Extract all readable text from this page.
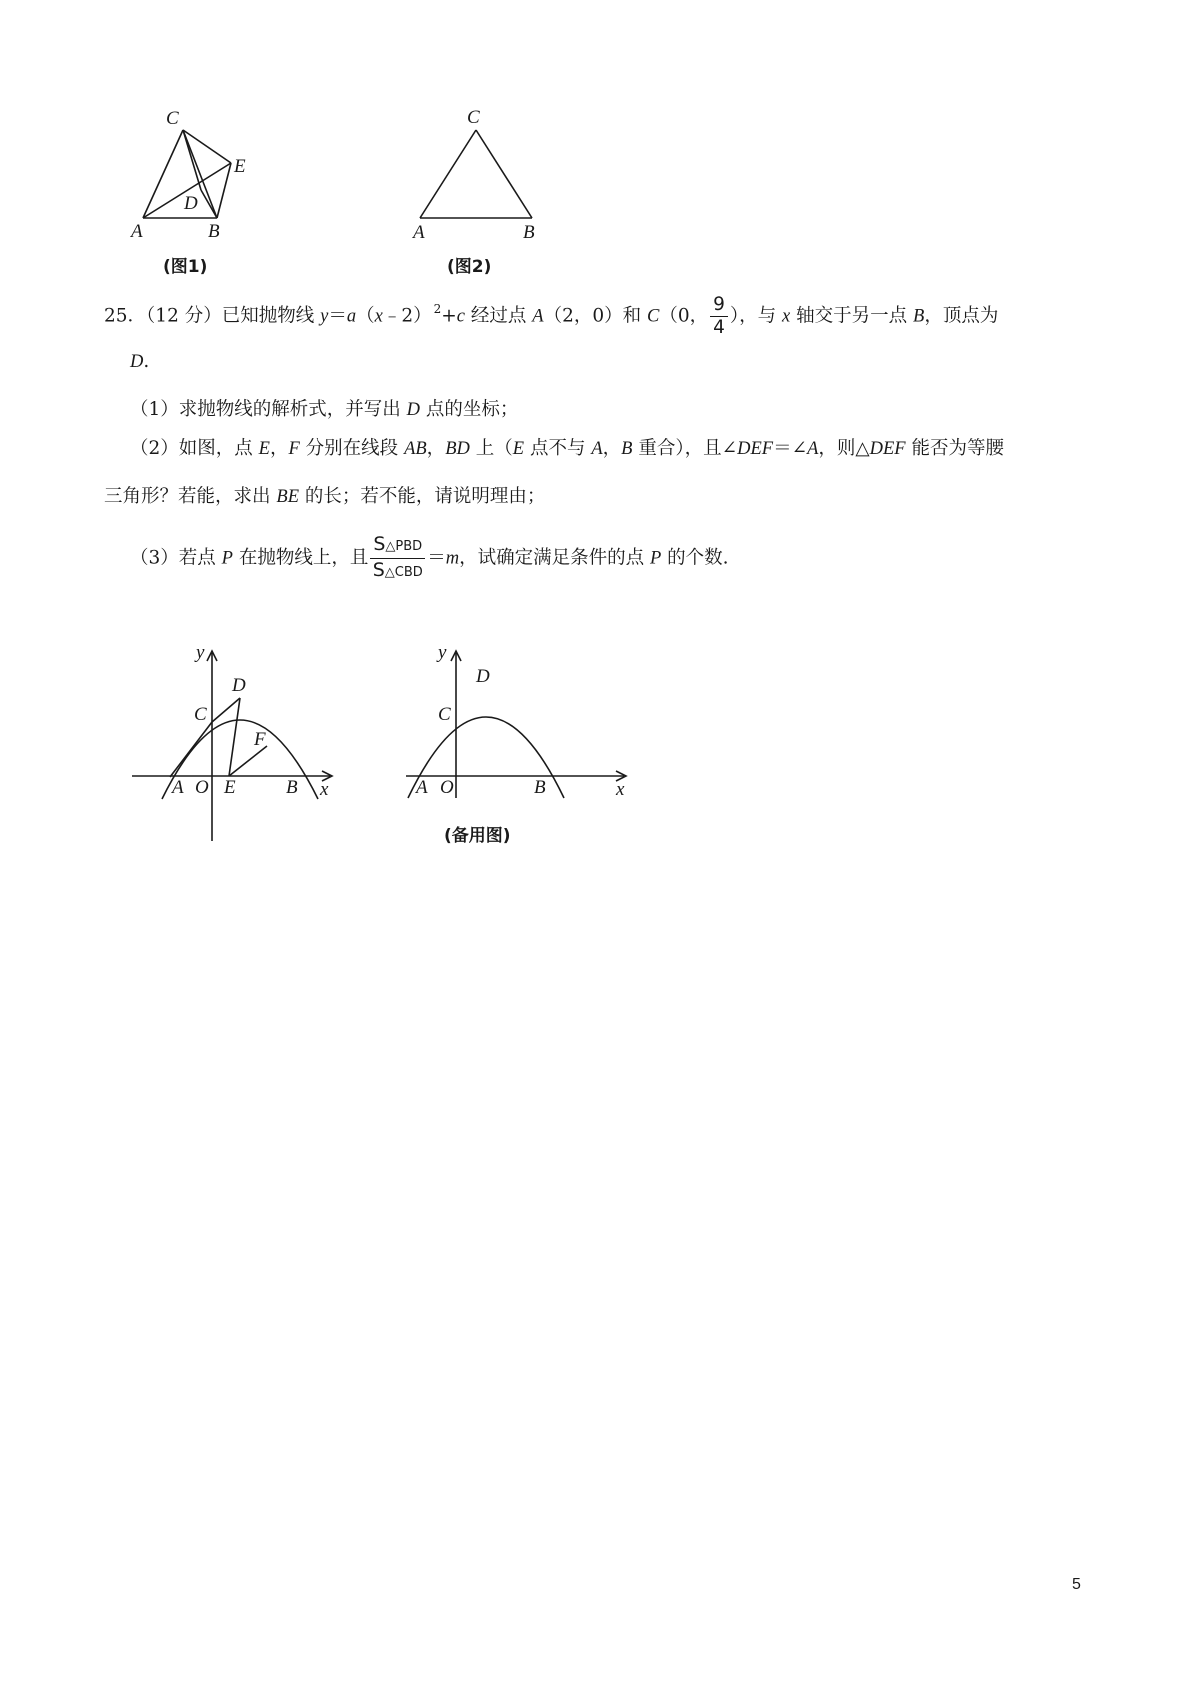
C
E
D
A	B
(图1)
C
A	B
(图2)
25．（12 分）已知抛物线 y＝a（x﹣2） $^2$+c 经过点 A（2，0）和 C（0， $\frac{9}{4}$ ），与 x 轴交于另一点 B，顶点为
D.
（1）求抛物线的解析式，并写出 D 点的坐标；
（2）如图，点 E，F 分别在线段 AB，BD 上（E 点不与 A，B 重合），且∠DEF＝∠A，则△DEF 能否为等腰
三角形？若能，求出 BE 的长；若不能，请说明理由；
（3）若点 P 在抛物线上，且 $\frac{\text{S△PBD}}{\text{S△CBD}} =m$，试确定满足条件的点 P 的个数.
y
x
C
D
F
A O E	B
y
x
C
D
A O	B
(备用图)
5
